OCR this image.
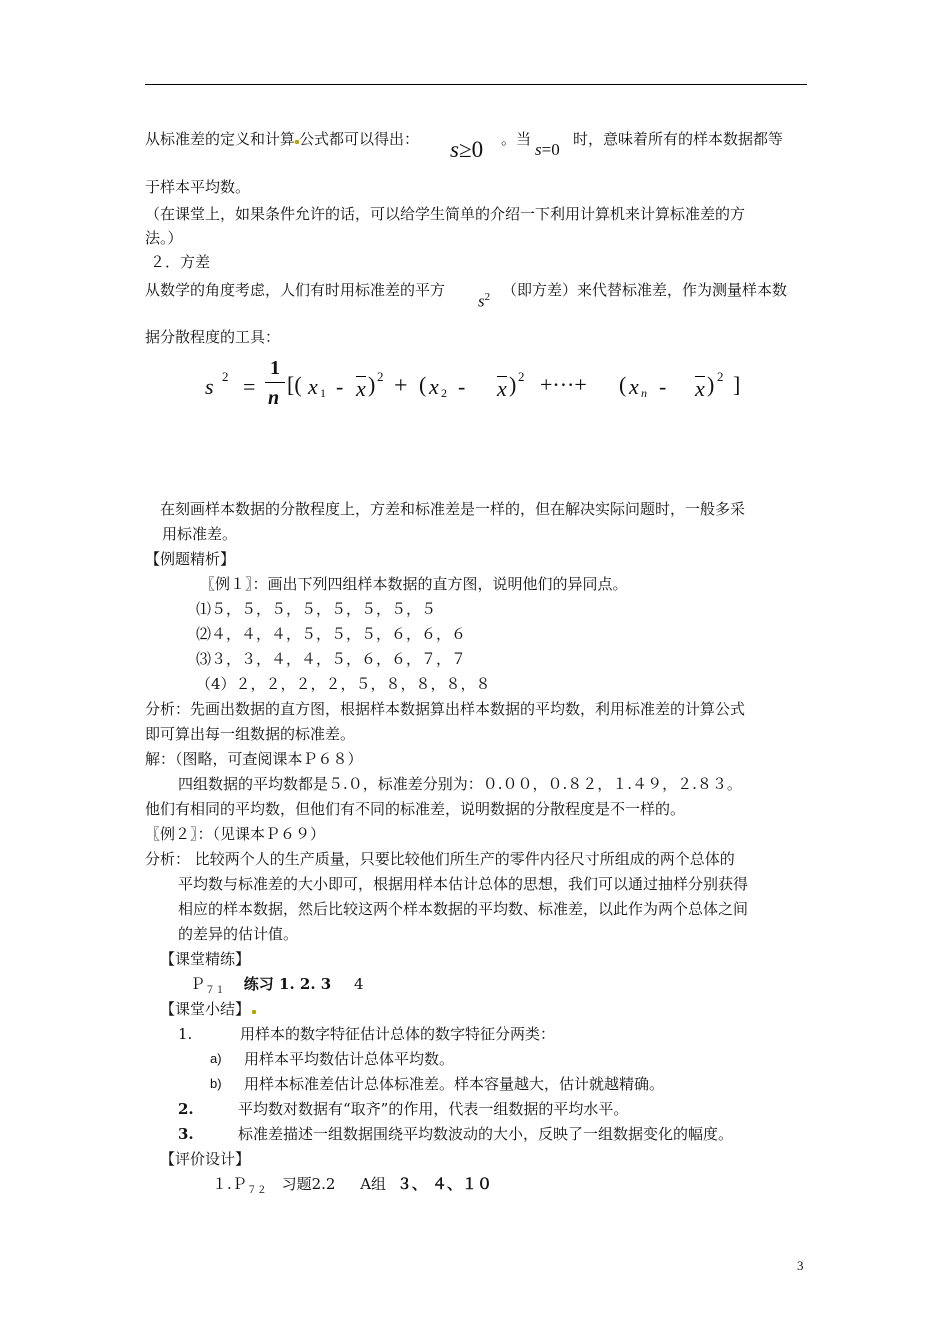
从标准差的定义和计算 公式都可以得出： s≥0 。当
s=0
时，意味着所有的样本数据都等
于样本平均数。
（在课堂上，如果条件允许的话，可以给学生简单的介绍一下利用计算机来计算标准差的方
法。）
２．方差
从数学的角度考虑，人们有时用标准差的平方
$s^2$ （即方差）来代替标准差，作为测量样本数
据分散程度的工具：
s 2 =
1
n
[( x 1 - x ) 2 + ( x 2 - x ) 2 +···+ ( x n - x ) 2 ]
在刻画样本数据的分散程度上，方差和标准差是一样的，但在解决实际问题时，一般多采
用标准差。
【例题精析】
〖例１〗：画出下列四组样本数据的直方图，说明他们的异同点。
⑴５，５，５，５，５，５，５，５
⑵４，４，４，５，５，５，６，６，６
⑶３，３，４，４，５，６，６，７，７
（4）２，２，２，２，５，８，８，８，８
分析：先画出数据的直方图，根据样本数据算出样本数据的平均数，利用标准差的计算公式
即可算出每一组数据的标准差。
解：（图略，可查阅课本Ｐ６８）
四组数据的平均数都是５.０，标准差分别为：０.００，０.８２，１.４９，２.８３。
他们有相同的平均数，但他们有不同的标准差，说明数据的分散程度是不一样的。
〖例２〗：（见课本Ｐ６９）
分析： 比较两个人的生产质量，只要比较他们所生产的零件内径尺寸所组成的两个总体的
平均数与标准差的大小即可，根据用样本估计总体的思想，我们可以通过抽样分别获得
相应的样本数据，然后比较这两个样本数据的平均数、标准差，以此作为两个总体之间
的差异的估计值。
【课堂精练】
Ｐ$_{71}$ 练习 1. 2. 3 4
【课堂小结】
1.	用样本的数字特征估计总体的数字特征分两类：
a) 用样本平均数估计总体平均数。
b) 用样本标准差估计总体标准差。样本容量越大，估计就越精确。
2.	平均数对数据有“取齐”的作用，代表一组数据的平均水平。
3.	标准差描述一组数据围绕平均数波动的大小，反映了一组数据变化的幅度。
【评价设计】
１.Ｐ$_{72}$ 习题2.2 A组 ３、 ４、１０
3
